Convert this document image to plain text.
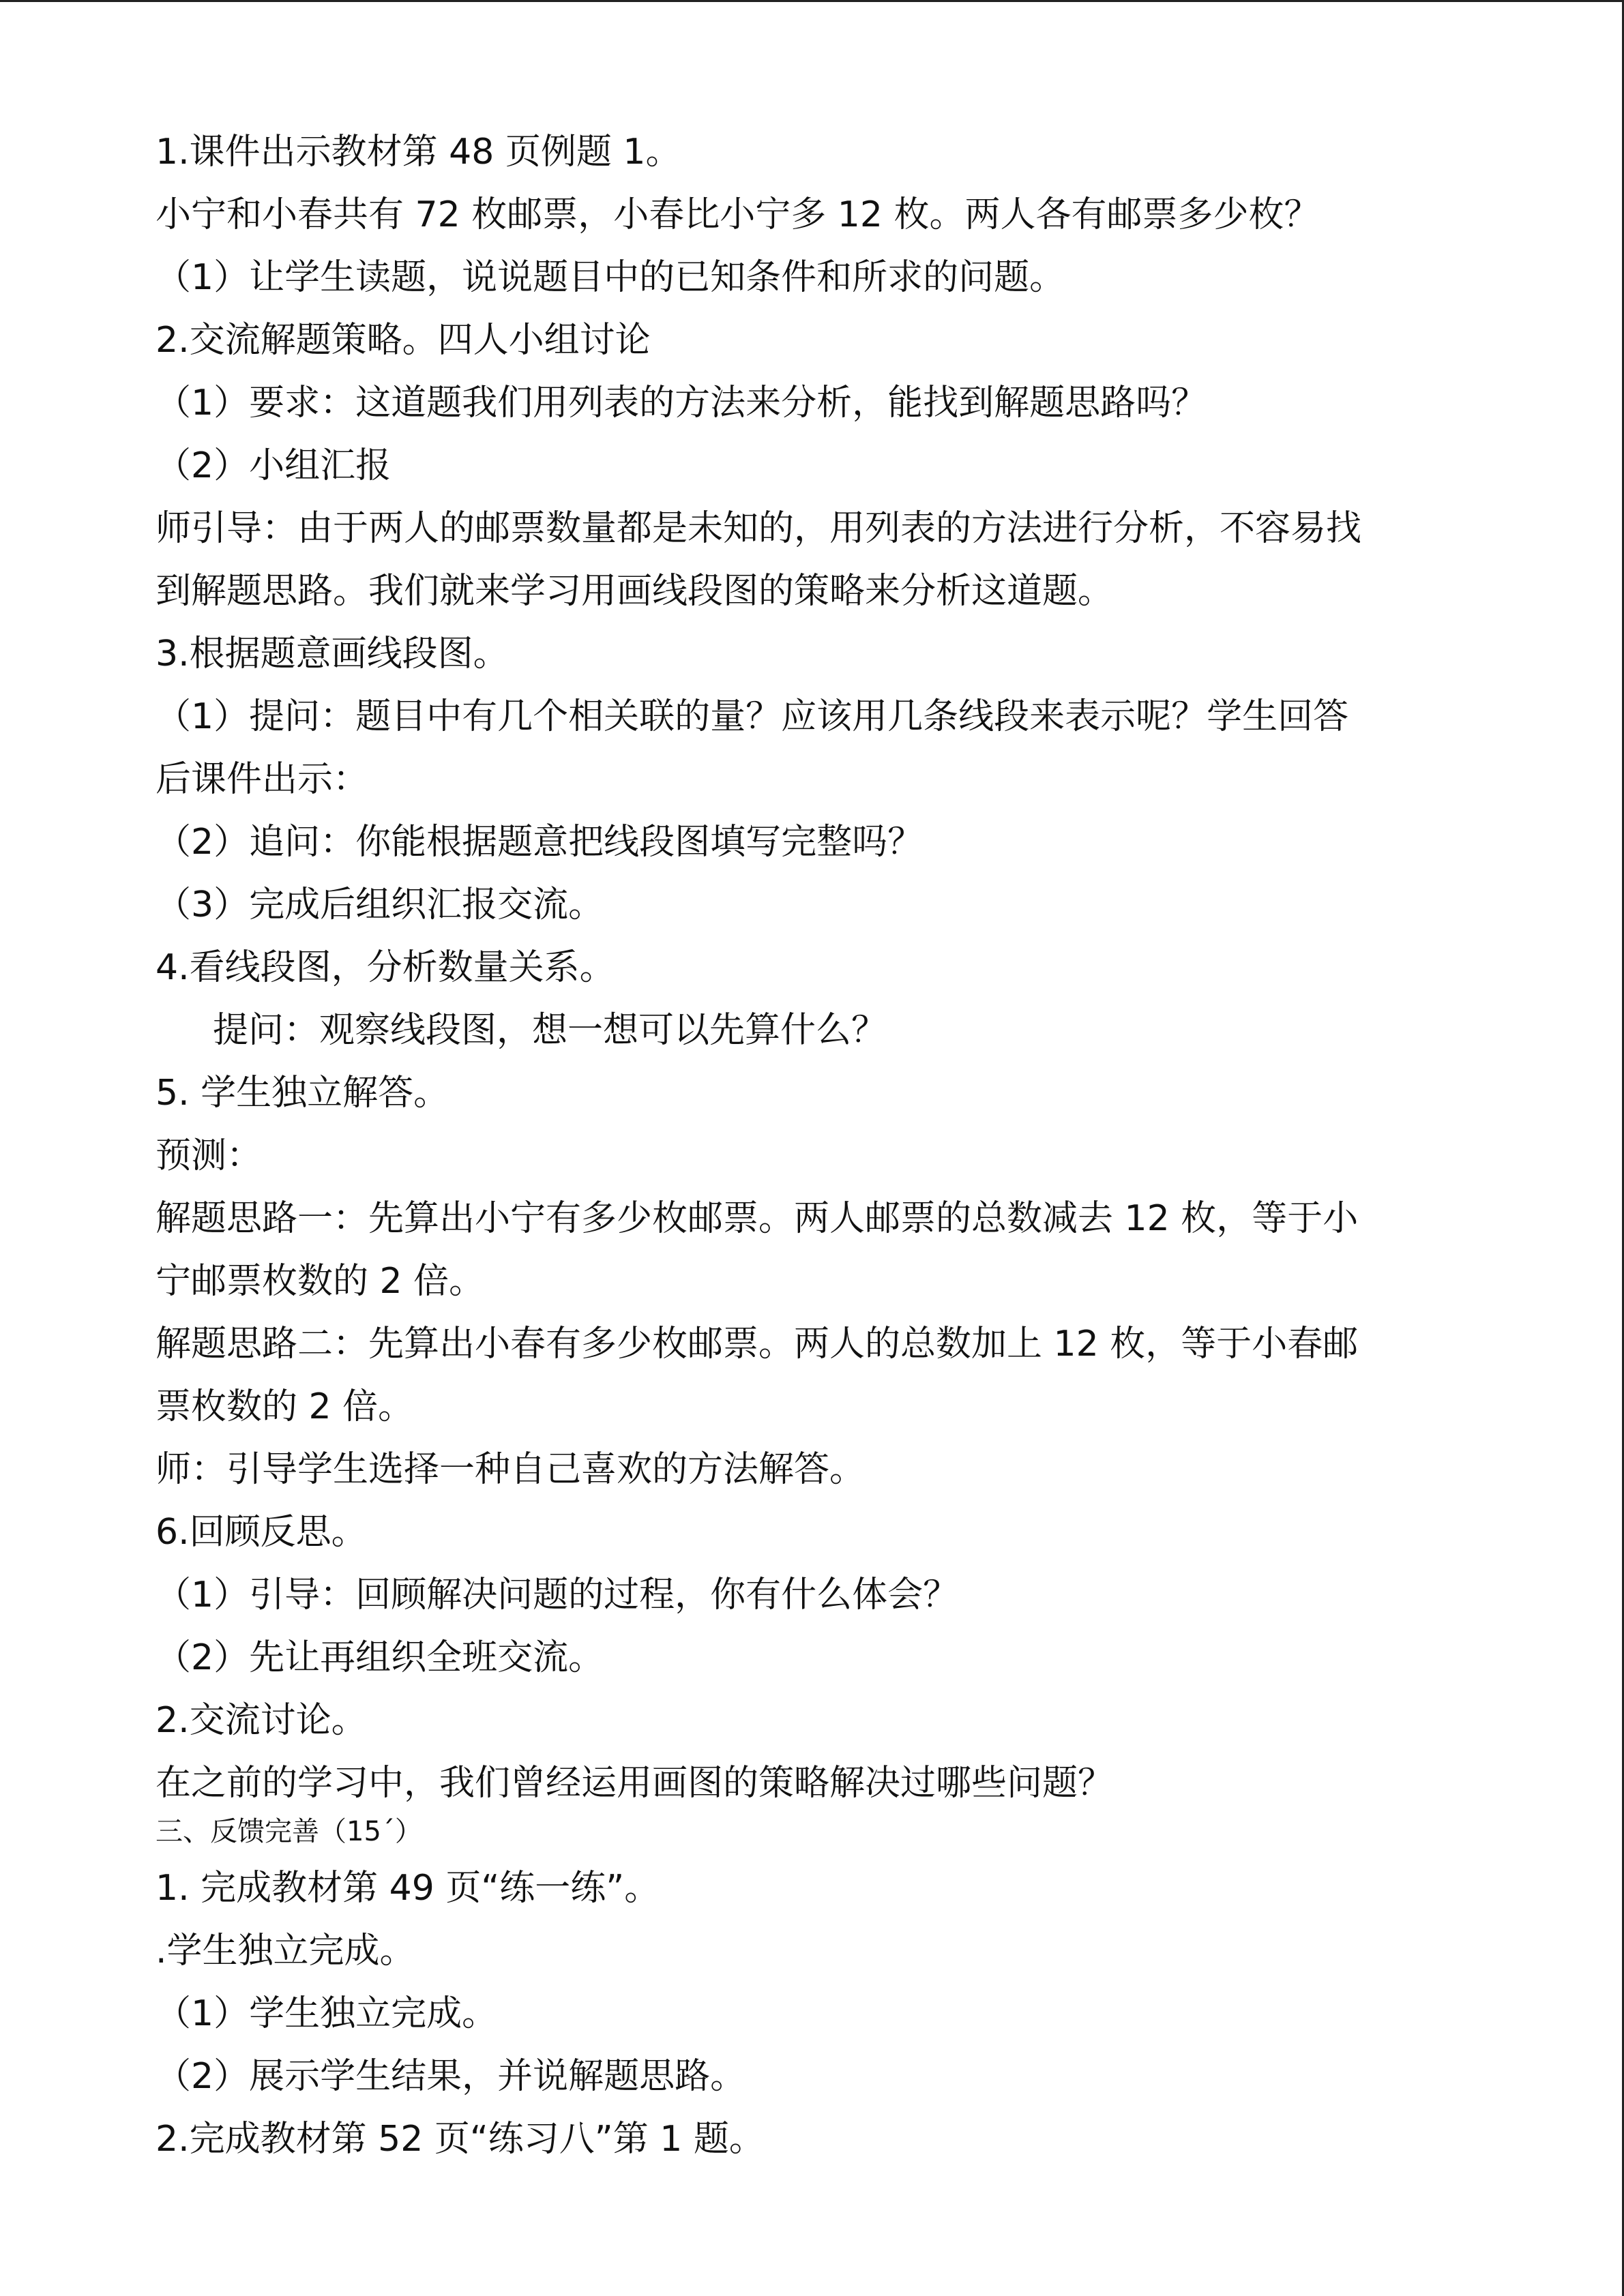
1.课件出示教材第 48 页例题 1。
小宁和小春共有 72 枚邮票，小春比小宁多 12 枚。两人各有邮票多少枚？
（1）让学生读题，说说题目中的已知条件和所求的问题。
2.交流解题策略。四人小组讨论
（1）要求：这道题我们用列表的方法来分析，能找到解题思路吗？
（2）小组汇报
师引导：由于两人的邮票数量都是未知的，用列表的方法进行分析，不容易找
到解题思路。我们就来学习用画线段图的策略来分析这道题。
3.根据题意画线段图。
（1）提问：题目中有几个相关联的量？应该用几条线段来表示呢？学生回答
后课件出示：
（2）追问：你能根据题意把线段图填写完整吗？
（3）完成后组织汇报交流。
4.看线段图，分析数量关系。
提问：观察线段图，想一想可以先算什么？
5. 学生独立解答。
预测：
解题思路一：先算出小宁有多少枚邮票。两人邮票的总数减去 12 枚，等于小
宁邮票枚数的 2 倍。
解题思路二：先算出小春有多少枚邮票。两人的总数加上 12 枚，等于小春邮
票枚数的 2 倍。
师：引导学生选择一种自己喜欢的方法解答。
6.回顾反思。
（1）引导：回顾解决问题的过程，你有什么体会？
（2）先让再组织全班交流。
2.交流讨论。
在之前的学习中，我们曾经运用画图的策略解决过哪些问题？
三、反馈完善（15ˊ）
1. 完成教材第 49 页“练一练”。
.学生独立完成。
（1）学生独立完成。
（2）展示学生结果，并说解题思路。
2.完成教材第 52 页“练习八”第 1 题。
